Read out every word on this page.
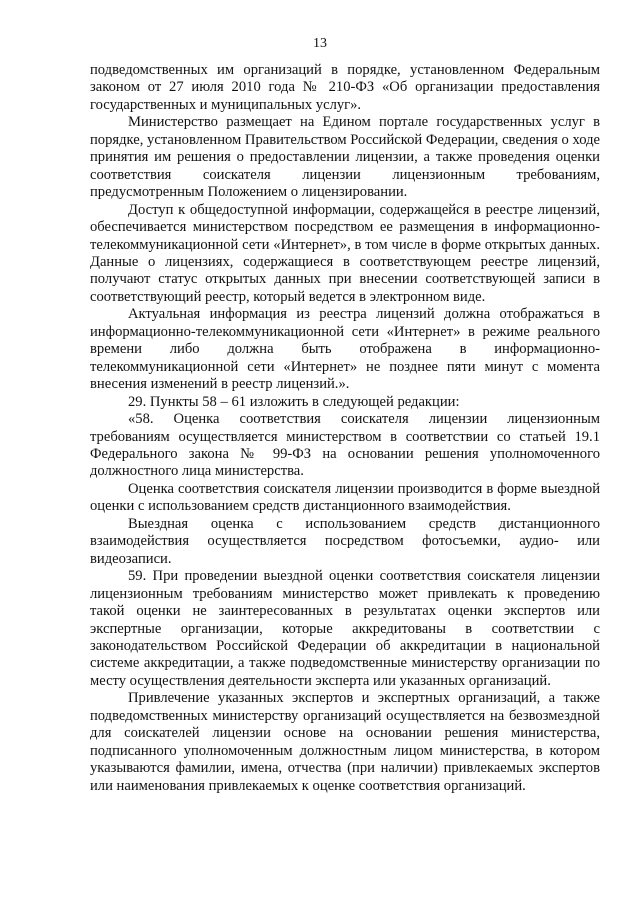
13

подведомственных им организаций в порядке, установленном Федеральным законом от 27 июля 2010 года № 210-ФЗ «Об организации предоставления государственных и муниципальных услуг».

Министерство размещает на Едином портале государственных услуг в порядке, установленном Правительством Российской Федерации, сведения о ходе принятия им решения о предоставлении лицензии, а также проведения оценки соответствия соискателя лицензии лицензионным требованиям, предусмотренным Положением о лицензировании.

Доступ к общедоступной информации, содержащейся в реестре лицензий, обеспечивается министерством посредством ее размещения в информационно-телекоммуникационной сети «Интернет», в том числе в форме открытых данных. Данные о лицензиях, содержащиеся в соответствующем реестре лицензий, получают статус открытых данных при внесении соответствующей записи в соответствующий реестр, который ведется в электронном виде.

Актуальная информация из реестра лицензий должна отображаться в информационно-телекоммуникационной сети «Интернет» в режиме реального времени либо должна быть отображена в информационно-телекоммуникационной сети «Интернет» не позднее пяти минут с момента внесения изменений в реестр лицензий.».

29. Пункты 58 – 61 изложить в следующей редакции:

«58. Оценка соответствия соискателя лицензии лицензионным требованиям осуществляется министерством в соответствии со статьей 19.1 Федерального закона № 99-ФЗ на основании решения уполномоченного должностного лица министерства.

Оценка соответствия соискателя лицензии производится в форме выездной оценки с использованием средств дистанционного взаимодействия.

Выездная оценка с использованием средств дистанционного взаимодействия осуществляется посредством фотосъемки, аудио- или видеозаписи.

59. При проведении выездной оценки соответствия соискателя лицензии лицензионным требованиям министерство может привлекать к проведению такой оценки не заинтересованных в результатах оценки экспертов или экспертные организации, которые аккредитованы в соответствии с законодательством Российской Федерации об аккредитации в национальной системе аккредитации, а также подведомственные министерству организации по месту осуществления деятельности эксперта или указанных организаций.

Привлечение указанных экспертов и экспертных организаций, а также подведомственных министерству организаций осуществляется на безвозмездной для соискателей лицензии основе на основании решения министерства, подписанного уполномоченным должностным лицом министерства, в котором указываются фамилии, имена, отчества (при наличии) привлекаемых экспертов или наименования привлекаемых к оценке соответствия организаций.
